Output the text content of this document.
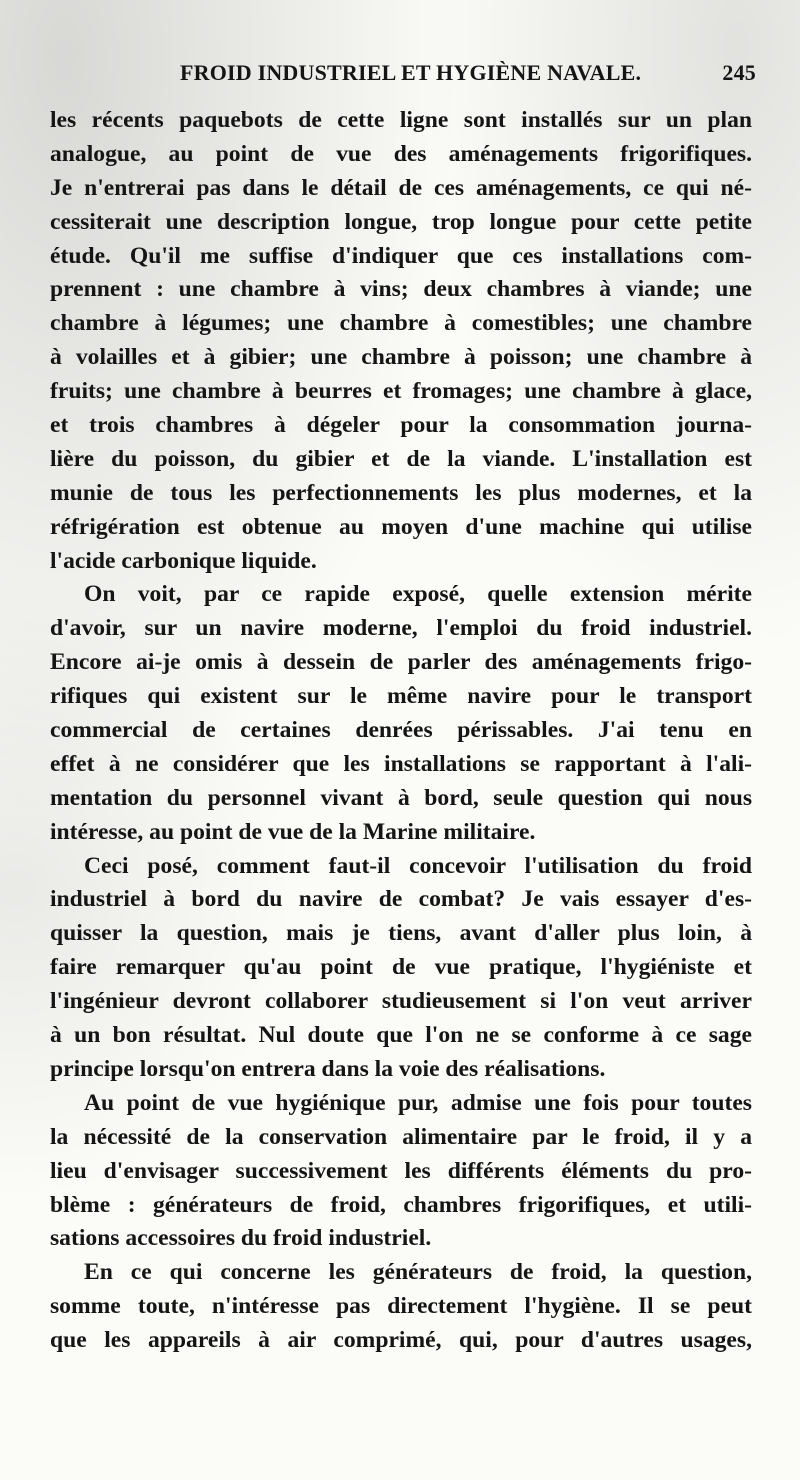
FROID INDUSTRIEL ET HYGIÈNE NAVALE.	245
les récents paquebots de cette ligne sont installés sur un plan
analogue, au point de vue des aménagements frigorifiques.
Je n'entrerai pas dans le détail de ces aménagements, ce qui né-
cessiterait une description longue, trop longue pour cette petite
étude. Qu'il me suffise d'indiquer que ces installations com-
prennent : une chambre à vins; deux chambres à viande; une
chambre à légumes; une chambre à comestibles; une chambre
à volailles et à gibier; une chambre à poisson; une chambre à
fruits; une chambre à beurres et fromages; une chambre à glace,
et trois chambres à dégeler pour la consommation journa-
lière du poisson, du gibier et de la viande. L'installation est
munie de tous les perfectionnements les plus modernes, et la
réfrigération est obtenue au moyen d'une machine qui utilise
l'acide carbonique liquide.
On voit, par ce rapide exposé, quelle extension mérite
d'avoir, sur un navire moderne, l'emploi du froid industriel.
Encore ai-je omis à dessein de parler des aménagements frigo-
rifiques qui existent sur le même navire pour le transport
commercial de certaines denrées périssables. J'ai tenu en
effet à ne considérer que les installations se rapportant à l'ali-
mentation du personnel vivant à bord, seule question qui nous
intéresse, au point de vue de la Marine militaire.
Ceci posé, comment faut-il concevoir l'utilisation du froid
industriel à bord du navire de combat? Je vais essayer d'es-
quisser la question, mais je tiens, avant d'aller plus loin, à
faire remarquer qu'au point de vue pratique, l'hygiéniste et
l'ingénieur devront collaborer studieusement si l'on veut arriver
à un bon résultat. Nul doute que l'on ne se conforme à ce sage
principe lorsqu'on entrera dans la voie des réalisations.
Au point de vue hygiénique pur, admise une fois pour toutes
la nécessité de la conservation alimentaire par le froid, il y a
lieu d'envisager successivement les différents éléments du pro-
blème : générateurs de froid, chambres frigorifiques, et utili-
sations accessoires du froid industriel.
En ce qui concerne les générateurs de froid, la question,
somme toute, n'intéresse pas directement l'hygiène. Il se peut
que les appareils à air comprimé, qui, pour d'autres usages,
